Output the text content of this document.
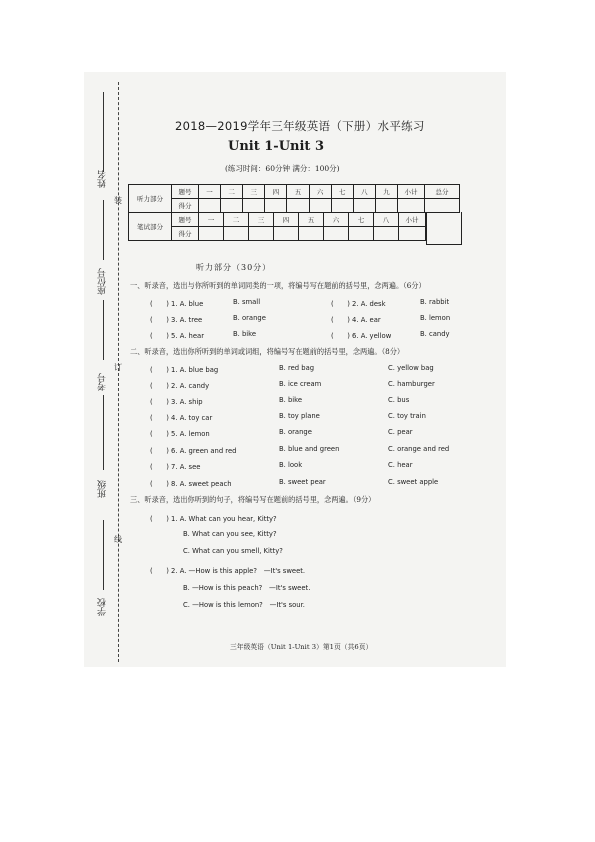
姓名
座位号
考号
班级
学校
装
订
线
2018—2019学年三年级英语（下册）水平练习
Unit 1-Unit 3
(练习时间：60分钟 满分：100分)
听力部分	题号	一	二	三	四	五	六	七	八	九	小计	总分
	得分											
笔试部分	题号	一	二	三	四	五	六	七	八	小计
	得分									
听力部分（30分）
一、听录音，选出与你所听到的单词同类的一项，将编号写在题前的括号里，念两遍。（6分）
(　　) 1. A. blue	B. small	(　　) 2. A. desk	B. rabbit
(　　) 3. A. tree	B. orange	(　　) 4. A. ear	B. lemon
(　　) 5. A. hear	B. bike	(　　) 6. A. yellow	B. candy
二、听录音，选出你所听到的单词或词组，将编号写在题前的括号里，念两遍。（8分）
(　　) 1. A. blue bag	B. red bag	C. yellow bag
(　　) 2. A. candy	B. ice cream	C. hamburger
(　　) 3. A. ship	B. bike	C. bus
(　　) 4. A. toy car	B. toy plane	C. toy train
(　　) 5. A. lemon	B. orange	C. pear
(　　) 6. A. green and red	B. blue and green	C. orange and red
(　　) 7. A. see	B. look	C. hear
(　　) 8. A. sweet peach	B. sweet pear	C. sweet apple
三、听录音，选出你听到的句子，将编号写在题前的括号里，念两遍。（9分）
(　　) 1. A. What can you hear, Kitty?
B. What can you see, Kitty?
C. What can you smell, Kitty?
(　　) 2. A. —How is this apple?　—It's sweet.
B. —How is this peach?　—It's sweet.
C. —How is this lemon?　—It's sour.
三年级英语（Unit 1-Unit 3）第1页（共6页）
